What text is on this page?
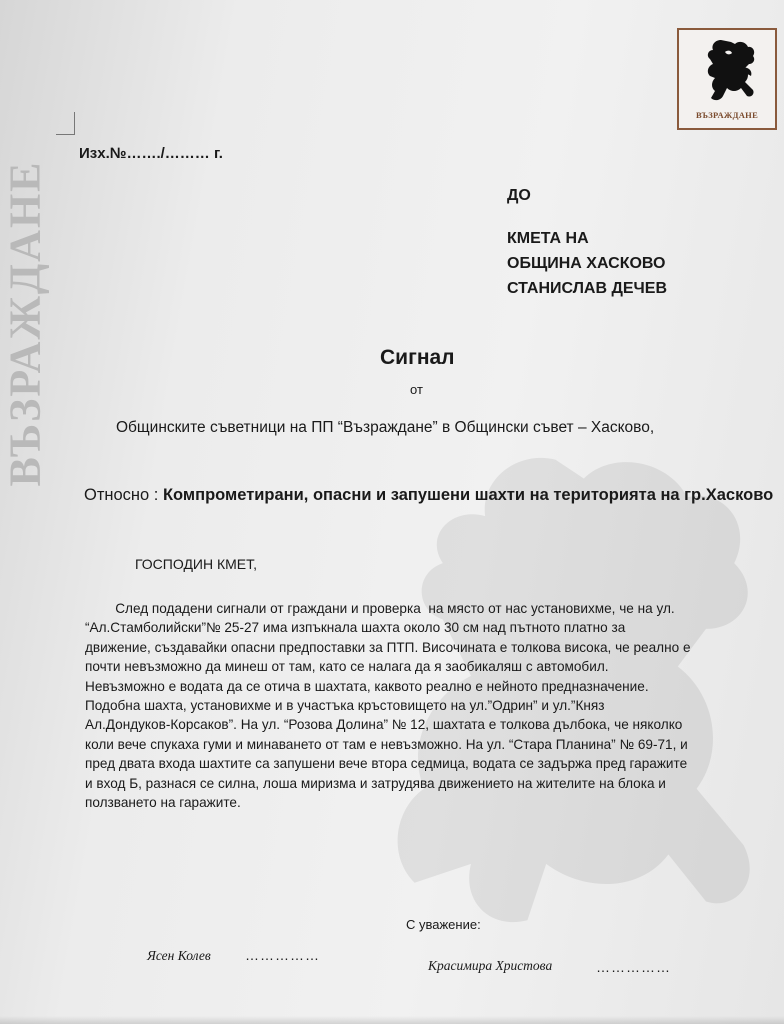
ВЪЗРАЖДАНЕ
ВЪЗРАЖДАНЕ
Изх.№……./……… г.
ДО
КМЕТА НА
ОБЩИНА ХАСКОВО
СТАНИСЛАВ ДЕЧЕВ
Сигнал
от
Общинските съветници на ПП “Възраждане” в Общински съвет – Хасково,
Относно : Компрометирани, опасни и запушени шахти на територията на гр.Хасково
ГОСПОДИН КМЕТ,
След подадени сигнали от граждани и проверка  на място от нас установихме, че на ул.
“Ал.Стамболийски”№ 25-27 има изпъкнала шахта около 30 см над пътното платно за
движение, създавайки опасни предпоставки за ПТП. Височината е толкова висока, че реално е
почти невъзможно да минеш от там, като се налага да я заобикаляш с автомобил.
Невъзможно е водата да се отича в шахтата, каквото реално е нейното предназначение.
Подобна шахта, установихме и в участъка кръстовището на ул.”Одрин” и ул.”Княз
Ал.Дондуков-Корсаков”. На ул. “Розова Долина” № 12, шахтата е толкова дълбока, че няколко
коли вече спукаха гуми и минаването от там е невъзможно. На ул. “Стара Планина” № 69-71, и
пред двата входа шахтите са запушени вече втора седмица, водата се задържа пред гаражите
и вход Б, разнася се силна, лоша миризма и затрудява движението на жителите на блока и
ползването на гаражите.
С уважение:
Ясен Колев ……………
Красимира Христова	……………
